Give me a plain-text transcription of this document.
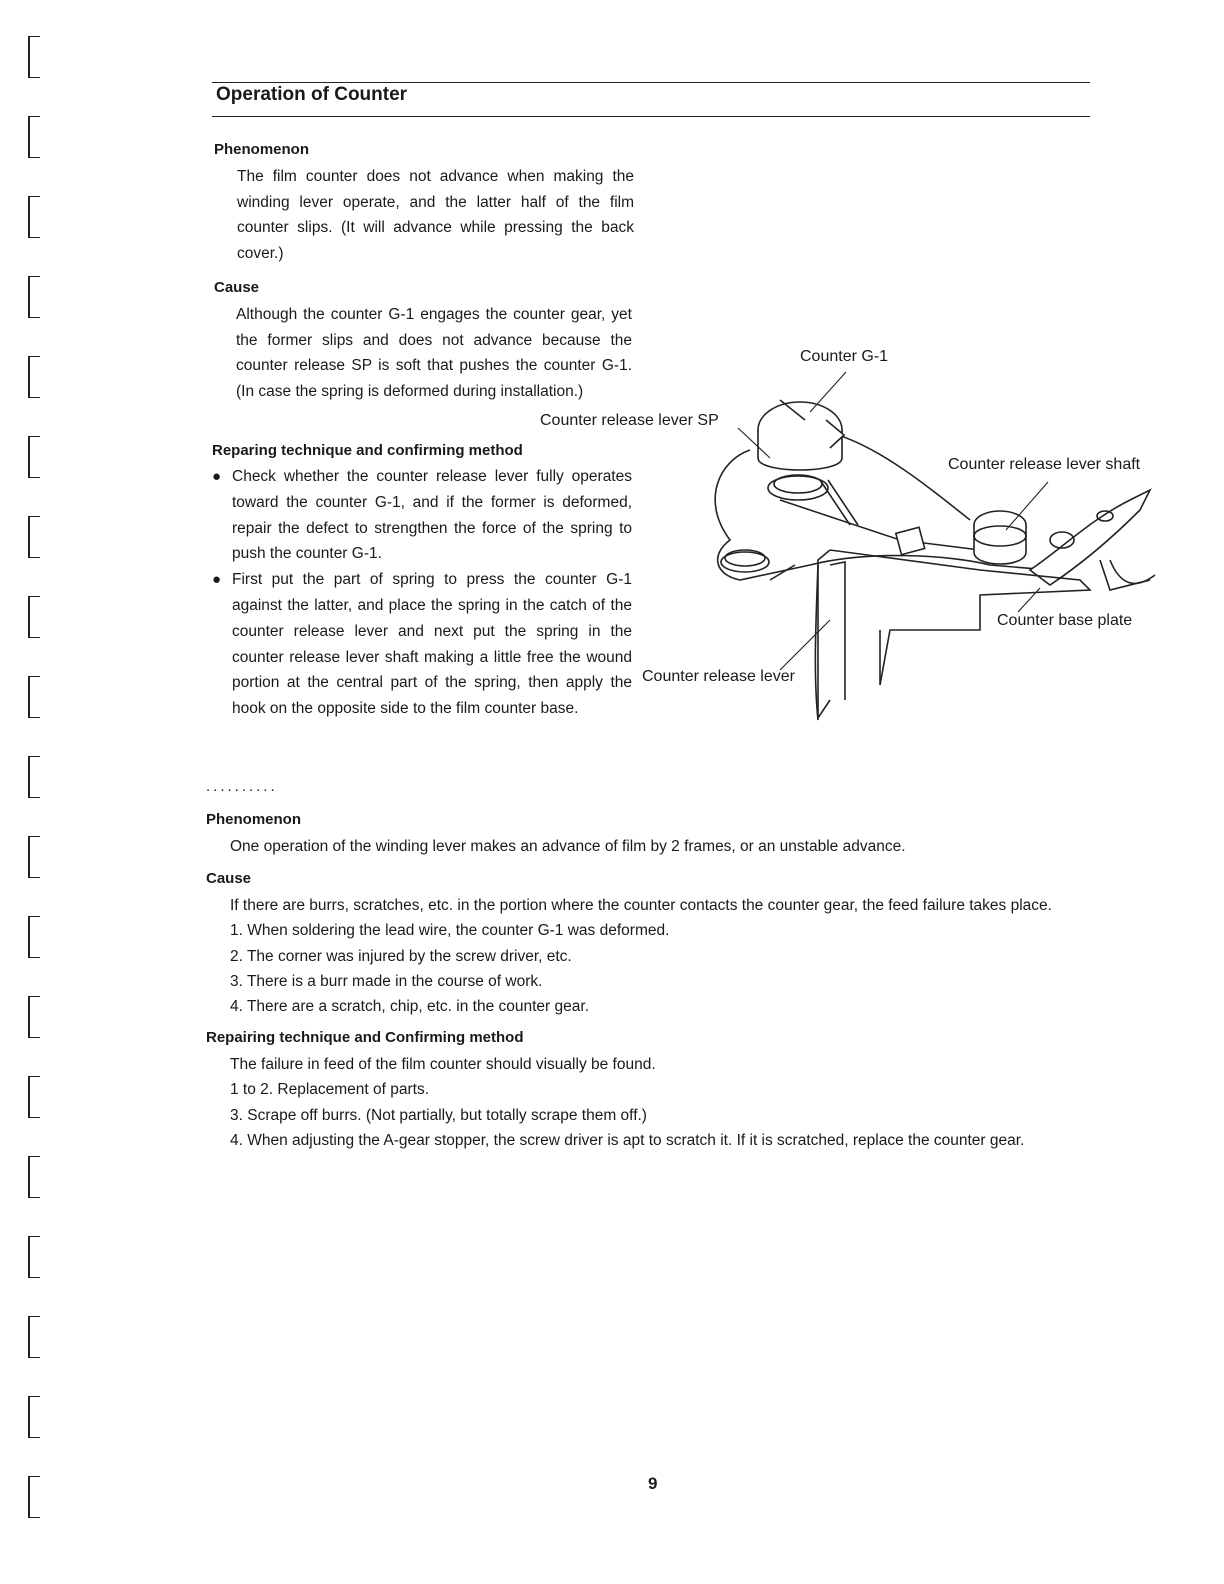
Operation of Counter
Phenomenon

The film counter does not advance when making the winding lever operate, and the latter half of the film counter slips. (It will advance while pressing the back cover.)

Cause

Although the counter G-1 engages the counter gear, yet the former slips and does not advance because the counter release SP is soft that pushes the counter G-1. (In case the spring is deformed during installation.)

Reparing technique and confirming method
● Check whether the counter release lever fully operates toward the counter G-1, and if the former is deformed, repair the defect to strengthen the force of the spring to push the counter G-1.
● First put the part of spring to press the counter G-1 against the latter, and place the spring in the catch of the counter release lever and next put the spring in the counter release lever shaft making a little free the wound portion at the central part of the spring, then apply the hook on the opposite side to the film counter base.
Counter G-1
Counter release lever SP
Counter release lever shaft
Counter base plate
Counter release lever

..........

Phenomenon

One operation of the winding lever makes an advance of film by 2 frames, or an unstable advance.

Cause

If there are burrs, scratches, etc. in the portion where the counter contacts the counter gear, the feed failure takes place.

1. When soldering the lead wire, the counter G-1 was deformed.

2. The corner was injured by the screw driver, etc.

3. There is a burr made in the course of work.

4. There are a scratch, chip, etc. in the counter gear.

Repairing technique and Confirming method

The failure in feed of the film counter should visually be found.

1 to 2. Replacement of parts.

3. Scrape off burrs. (Not partially, but totally scrape them off.)

4. When adjusting the A-gear stopper, the screw driver is apt to scratch it. If it is scratched, replace the counter gear.

9
